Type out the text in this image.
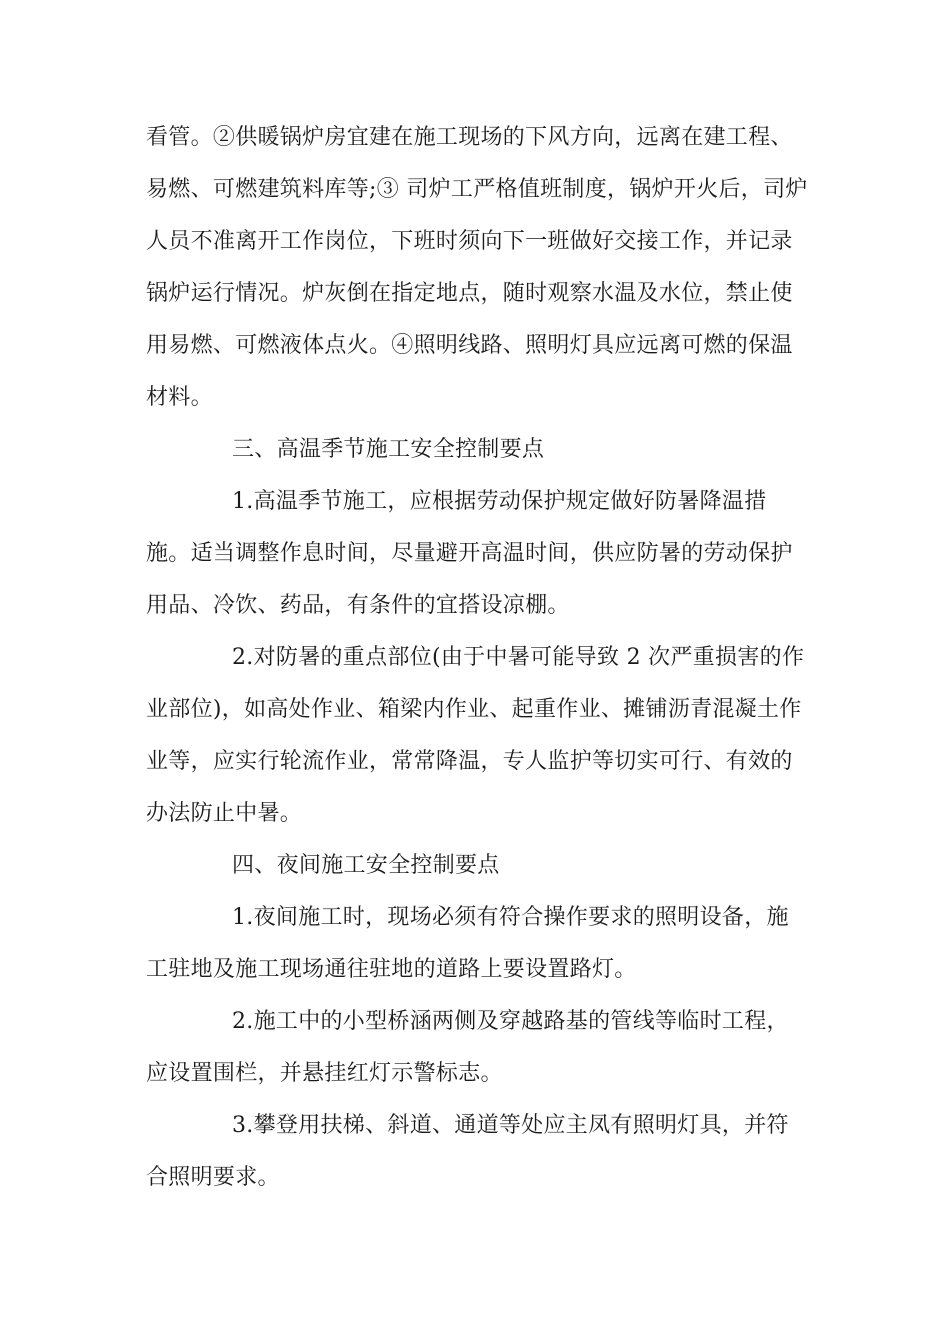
看管。②供暖锅炉房宜建在施工现场的下风方向，远离在建工程、
易燃、可燃建筑料库等;③ 司炉工严格值班制度，锅炉开火后，司炉
人员不准离开工作岗位，下班时须向下一班做好交接工作，并记录
锅炉运行情况。炉灰倒在指定地点，随时观察水温及水位，禁止使
用易燃、可燃液体点火。④照明线路、照明灯具应远离可燃的保温
材料。
三、高温季节施工安全控制要点
1.高温季节施工，应根据劳动保护规定做好防暑降温措
施。适当调整作息时间，尽量避开高温时间，供应防暑的劳动保护
用品、冷饮、药品，有条件的宜搭设凉棚。
2.对防暑的重点部位(由于中暑可能导致 2 次严重损害的作
业部位)，如高处作业、箱梁内作业、起重作业、摊铺沥青混凝土作
业等，应实行轮流作业，常常降温，专人监护等切实可行、有效的
办法防止中暑。
四、夜间施工安全控制要点
1.夜间施工时，现场必须有符合操作要求的照明设备，施
工驻地及施工现场通往驻地的道路上要设置路灯。
2.施工中的小型桥涵两侧及穿越路基的管线等临时工程，
应设置围栏，并悬挂红灯示警标志。
3.攀登用扶梯、斜道、通道等处应主凤有照明灯具，并符
合照明要求。
